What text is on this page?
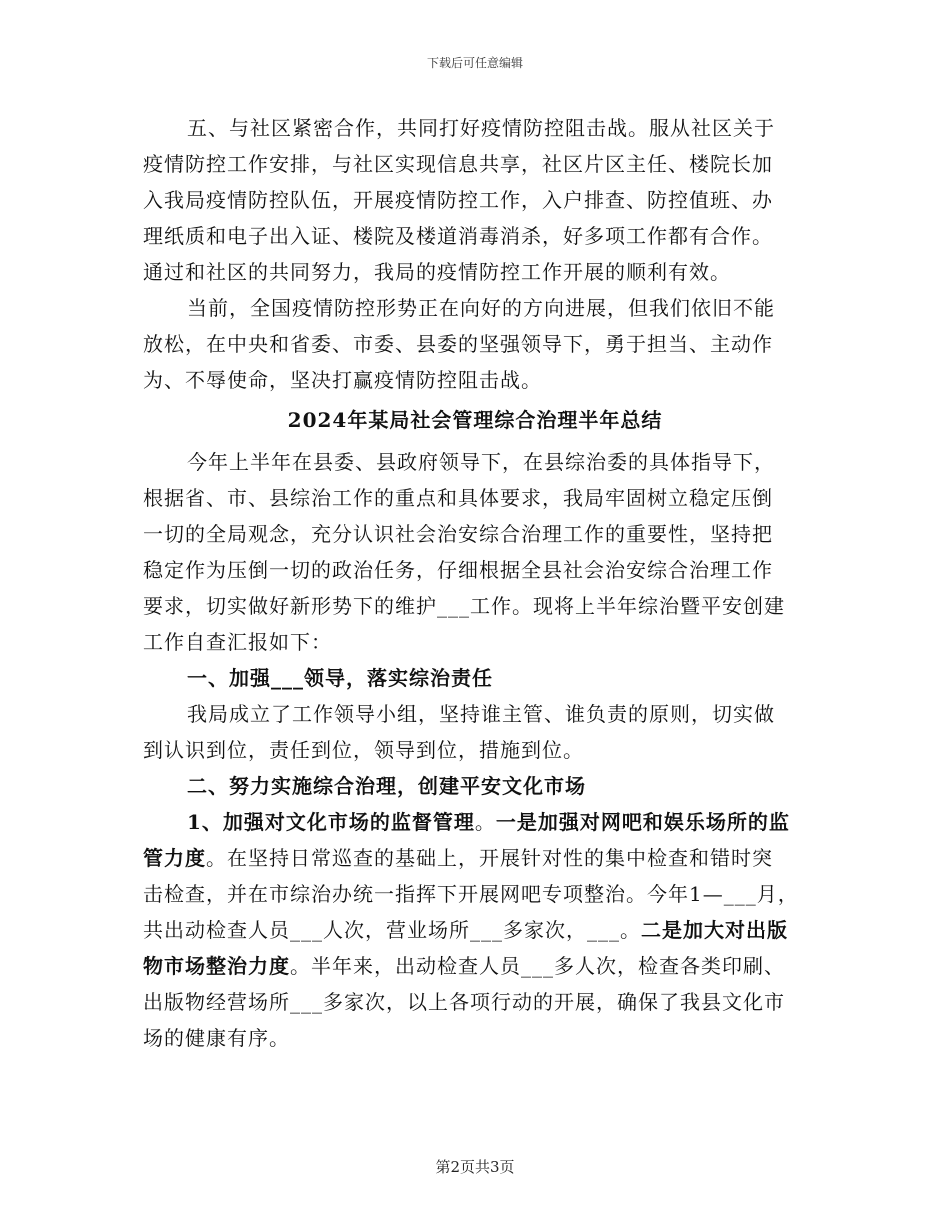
下载后可任意编辑
五、与社区紧密合作，共同打好疫情防控阻击战。服从社区关于
疫情防控工作安排，与社区实现信息共享，社区片区主任、楼院长加
入我局疫情防控队伍，开展疫情防控工作，入户排查、防控值班、办
理纸质和电子出入证、楼院及楼道消毒消杀，好多项工作都有合作。
通过和社区的共同努力，我局的疫情防控工作开展的顺利有效。
当前，全国疫情防控形势正在向好的方向进展，但我们依旧不能
放松，在中央和省委、市委、县委的坚强领导下，勇于担当、主动作
为、不辱使命，坚决打赢疫情防控阻击战。
2024年某局社会管理综合治理半年总结
今年上半年在县委、县政府领导下，在县综治委的具体指导下，
根据省、市、县综治工作的重点和具体要求，我局牢固树立稳定压倒
一切的全局观念，充分认识社会治安综合治理工作的重要性，坚持把
稳定作为压倒一切的政治任务，仔细根据全县社会治安综合治理工作
要求，切实做好新形势下的维护___工作。现将上半年综治暨平安创建
工作自查汇报如下：
一、加强___领导，落实综治责任
我局成立了工作领导小组，坚持谁主管、谁负责的原则，切实做
到认识到位，责任到位，领导到位，措施到位。
二、努力实施综合治理，创建平安文化市场
1、加强对文化市场的监督管理。一是加强对网吧和娱乐场所的监
管力度。在坚持日常巡查的基础上，开展针对性的集中检查和错时突
击检查，并在市综治办统一指挥下开展网吧专项整治。今年1—___月，
共出动检查人员___人次，营业场所___多家次，___。二是加大对出版
物市场整治力度。半年来，出动检查人员___多人次，检查各类印刷、
出版物经营场所___多家次，以上各项行动的开展，确保了我县文化市
场的健康有序。
第2页共3页
